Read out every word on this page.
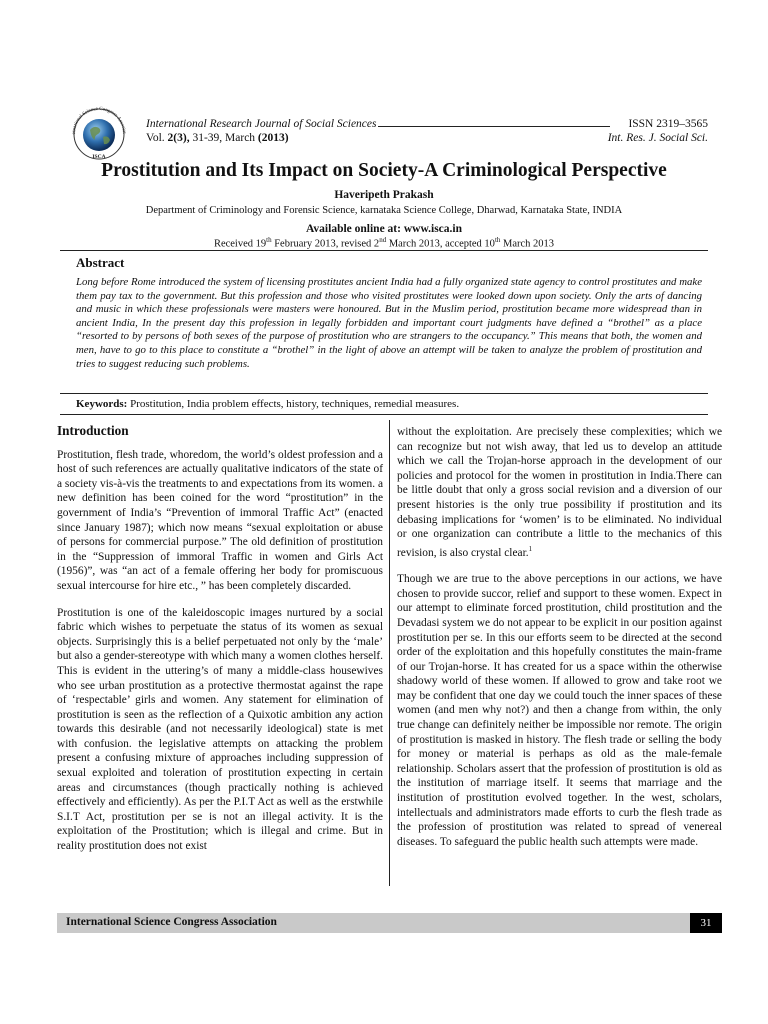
ernational Science Congress Associat
ISCA
International Research Journal of Social Sciences	ISSN 2319–3565
Vol. 2(3), 31-39, March (2013)	Int. Res. J. Social Sci.
Prostitution and Its Impact on Society-A Criminological Perspective
Haveripeth Prakash
Department of Criminology and Forensic Science, karnataka Science College, Dharwad, Karnataka State, INDIA
Available online at: www.isca.in
Received 19th February 2013, revised 2nd March 2013, accepted 10th March 2013
Abstract
Long before Rome introduced the system of licensing prostitutes ancient India had a fully organized state agency to control prostitutes and make them pay tax to the government. But this profession and those who visited prostitutes were looked down upon society. Only the arts of dancing and music in which these professionals were masters were honoured. But in the Muslim period, prostitution became more widespread than in ancient India, In the present day this profession in legally forbidden and important court judgments have defined a “brothel” as a place “resorted to by persons of both sexes of the purpose of prostitution who are strangers to the occupancy.” This means that both, the women and men, have to go to this place to constitute a “brothel” in the light of above an attempt will be taken to analyze the problem of prostitution and tries to suggest reducing such problems.
Keywords: Prostitution, India problem effects, history, techniques, remedial measures.
Introduction

Prostitution, flesh trade, whoredom, the world’s oldest profession and a host of such references are actually qualitative indicators of the state of a society vis-à-vis the treatments to and expectations from its women. a new definition has been coined for the word “prostitution” in the government of India’s “Prevention of immoral Traffic Act” (enacted since January 1987); which now means “sexual exploitation or abuse of persons for commercial purpose.” The old definition of prostitution in the “Suppression of immoral Traffic in women and Girls Act (1956)”, was “an act of a female offering her body for promiscuous sexual intercourse for hire etc., ” has been completely discarded.

Prostitution is one of the kaleidoscopic images nurtured by a social fabric which wishes to perpetuate the status of its women as sexual objects. Surprisingly this is a belief perpetuated not only by the ‘male’ but also a gender-stereotype with which many a women clothes herself. This is evident in the uttering’s of many a middle-class housewives who see urban prostitution as a protective thermostat against the rape of ‘respectable’ girls and women. Any statement for elimination of prostitution is seen as the reflection of a Quixotic ambition any action towards this desirable (and not necessarily ideological) state is met with confusion. the legislative attempts on attacking the problem present a confusing mixture of approaches including suppression of sexual exploited and toleration of prostitution expecting in certain areas and circumstances (though practically nothing is achieved effectively and efficiently). As per the P.I.T Act as well as the erstwhile S.I.T Act, prostitution per se is not an illegal activity. It is the exploitation of the Prostitution; which is illegal and crime. But in reality prostitution does not exist

without the exploitation. Are precisely these complexities; which we can recognize but not wish away, that led us to develop an attitude which we call the Trojan-horse approach in the development of our policies and protocol for the women in prostitution in India.There can be little doubt that only a gross social revision and a diversion of our present histories is the only true possibility if prostitution and its debasing implications for ‘women’ is to be eliminated. No individual or one organization can contribute a little to the mechanics of this revision, is also crystal clear.$^1$

Though we are true to the above perceptions in our actions, we have chosen to provide succor, relief and support to these women. Expect in our attempt to eliminate forced prostitution, child prostitution and the Devadasi system we do not appear to be explicit in our position against prostitution per se. In this our efforts seem to be directed at the second order of the exploitation and this hopefully constitutes the main-frame of our Trojan-horse. It has created for us a space within the otherwise shadowy world of these women. If allowed to grow and take root we may be confident that one day we could touch the inner spaces of these women (and men why not?) and then a change from within, the only true change can definitely neither be impossible nor remote. The origin of prostitution is masked in history. The flesh trade or selling the body for money or material is perhaps as old as the male-female relationship. Scholars assert that the profession of prostitution is old as the institution of marriage itself. It seems that marriage and the institution of prostitution evolved together. In the west, scholars, intellectuals and administrators made efforts to curb the flesh trade as the profession of prostitution was related to spread of venereal diseases. To safeguard the public health such attempts were made.

International Science Congress Association	31
